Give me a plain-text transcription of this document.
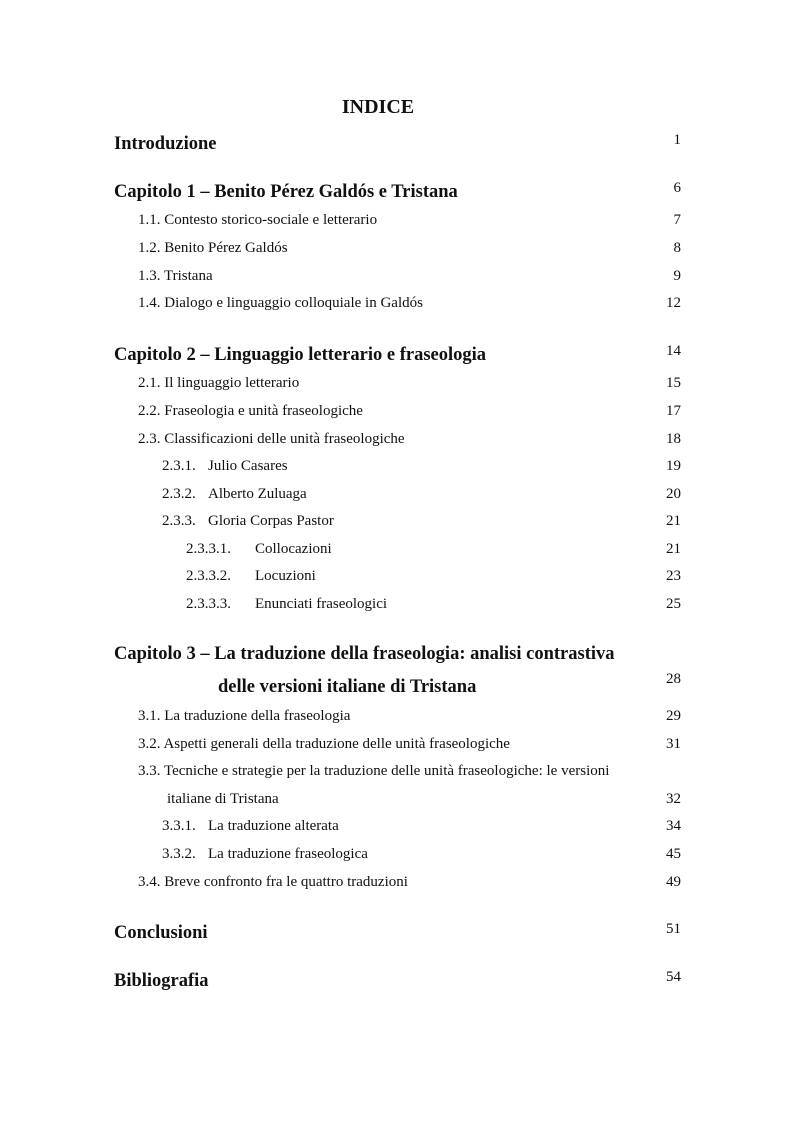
INDICE
Introduzione	1
Capitolo 1 – Benito Pérez Galdós e Tristana	6
1.1. Contesto storico-sociale e letterario	7
1.2. Benito Pérez Galdós	8
1.3. Tristana	9
1.4. Dialogo e linguaggio colloquiale in Galdós	12
Capitolo 2 – Linguaggio letterario e fraseologia	14
2.1. Il linguaggio letterario	15
2.2. Fraseologia e unità fraseologiche	17
2.3. Classificazioni delle unità fraseologiche	18
2.3.1. Julio Casares	19
2.3.2. Alberto Zuluaga	20
2.3.3. Gloria Corpas Pastor	21
2.3.3.1. Collocazioni	21
2.3.3.2. Locuzioni	23
2.3.3.3. Enunciati fraseologici	25
Capitolo 3 – La traduzione della fraseologia: analisi contrastiva
delle versioni italiane di Tristana	28
3.1. La traduzione della fraseologia	29
3.2. Aspetti generali della traduzione delle unità fraseologiche	31
3.3. Tecniche e strategie per la traduzione delle unità fraseologiche: le versioni
italiane di Tristana	32
3.3.1. La traduzione alterata	34
3.3.2. La traduzione fraseologica	45
3.4. Breve confronto fra le quattro traduzioni	49
Conclusioni	51
Bibliografia	54
